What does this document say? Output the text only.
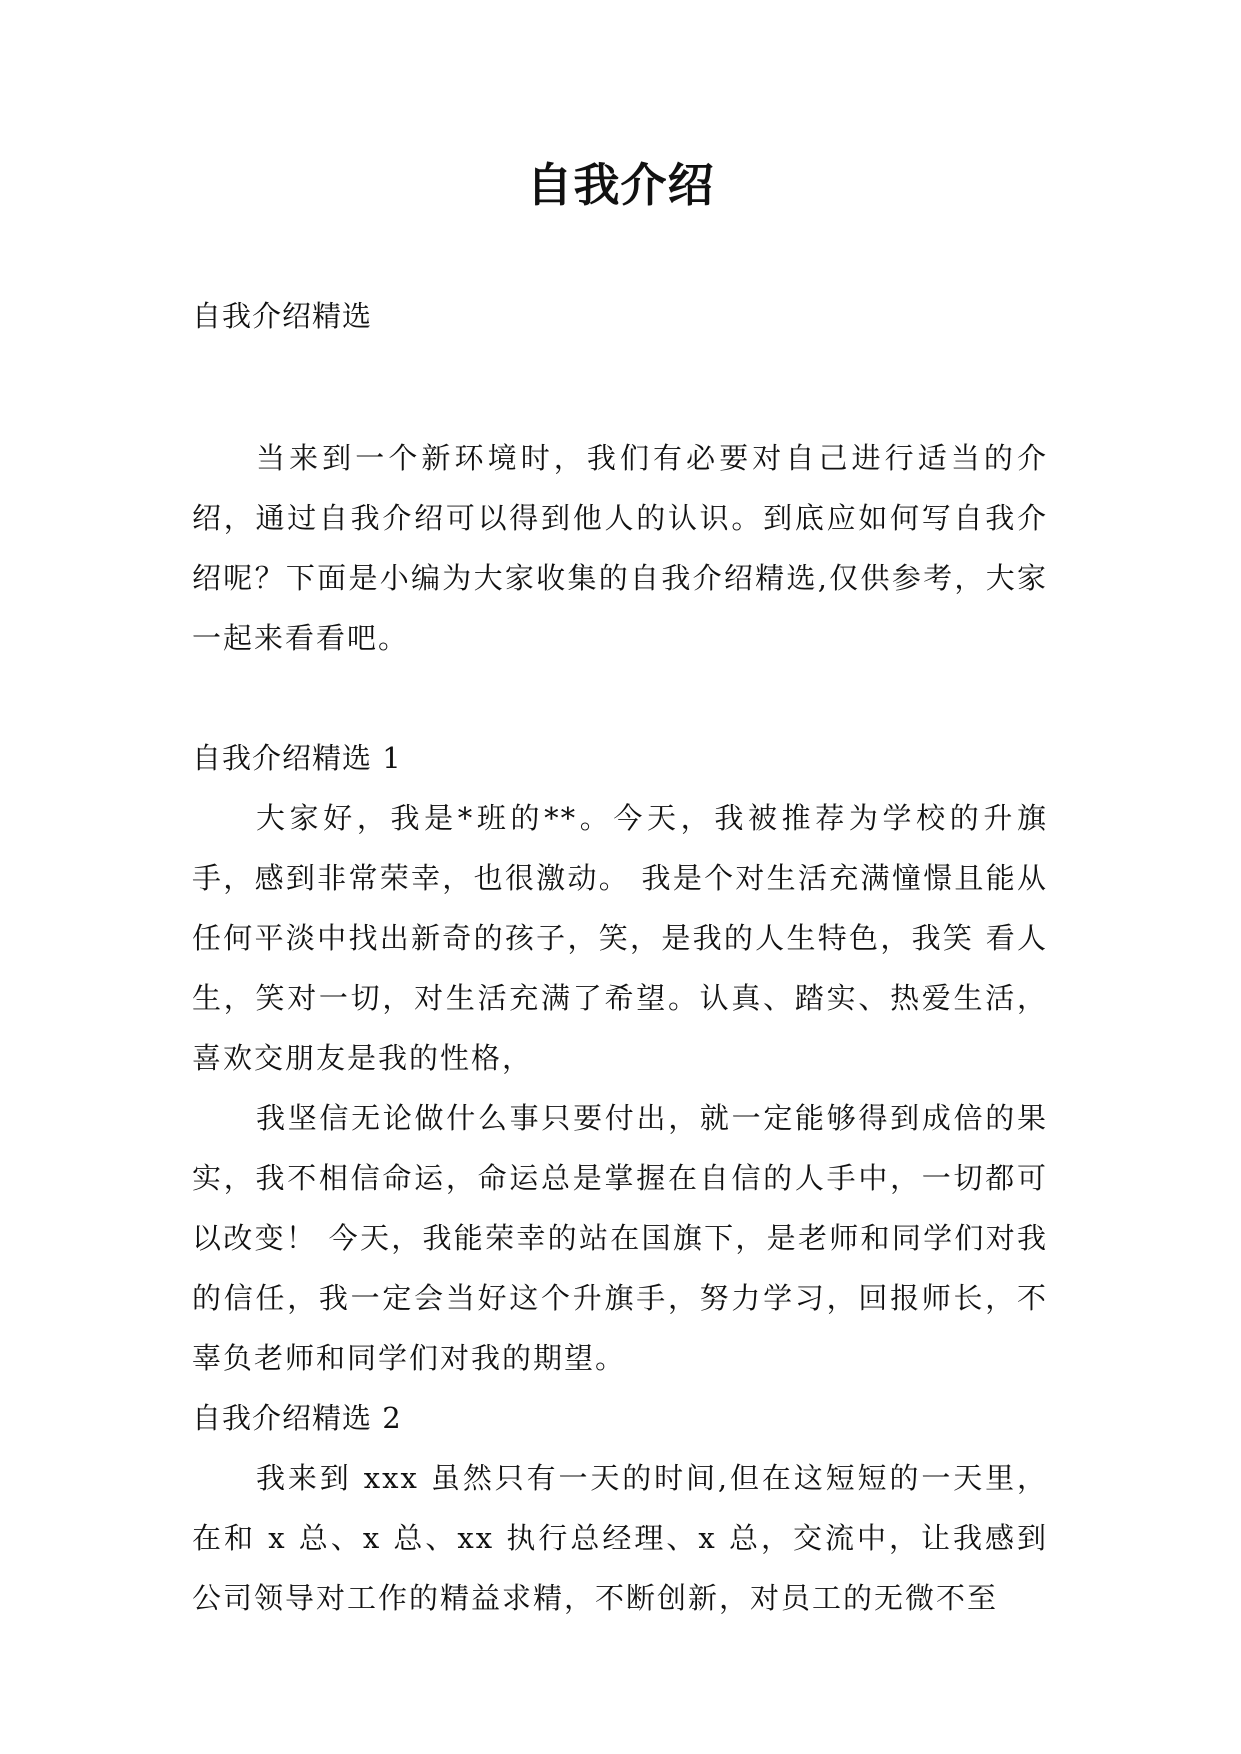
自我介绍
自我介绍精选

当来到一个新环境时，我们有必要对自己进行适当的介绍，通过自我介绍可以得到他人的认识。到底应如何写自我介绍呢？下面是小编为大家收集的自我介绍精选,仅供参考，大家一起来看看吧。

自我介绍精选 1

大家好，我是*班的**。今天，我被推荐为学校的升旗手，感到非常荣幸，也很激动。 我是个对生活充满憧憬且能从任何平淡中找出新奇的孩子，笑，是我的人生特色，我笑 看人生，笑对一切，对生活充满了希望。认真、踏实、热爱生活，喜欢交朋友是我的性格，

我坚信无论做什么事只要付出，就一定能够得到成倍的果实，我不相信命运，命运总是掌握在自信的人手中，一切都可以改变！ 今天，我能荣幸的站在国旗下，是老师和同学们对我的信任，我一定会当好这个升旗手，努力学习，回报师长，不辜负老师和同学们对我的期望。

自我介绍精选 2

我来到 xxx 虽然只有一天的时间,但在这短短的一天里，在和 x 总、x 总、xx 执行总经理、x 总，交流中，让我感到公司领导对工作的精益求精，不断创新，对员工的无微不至
